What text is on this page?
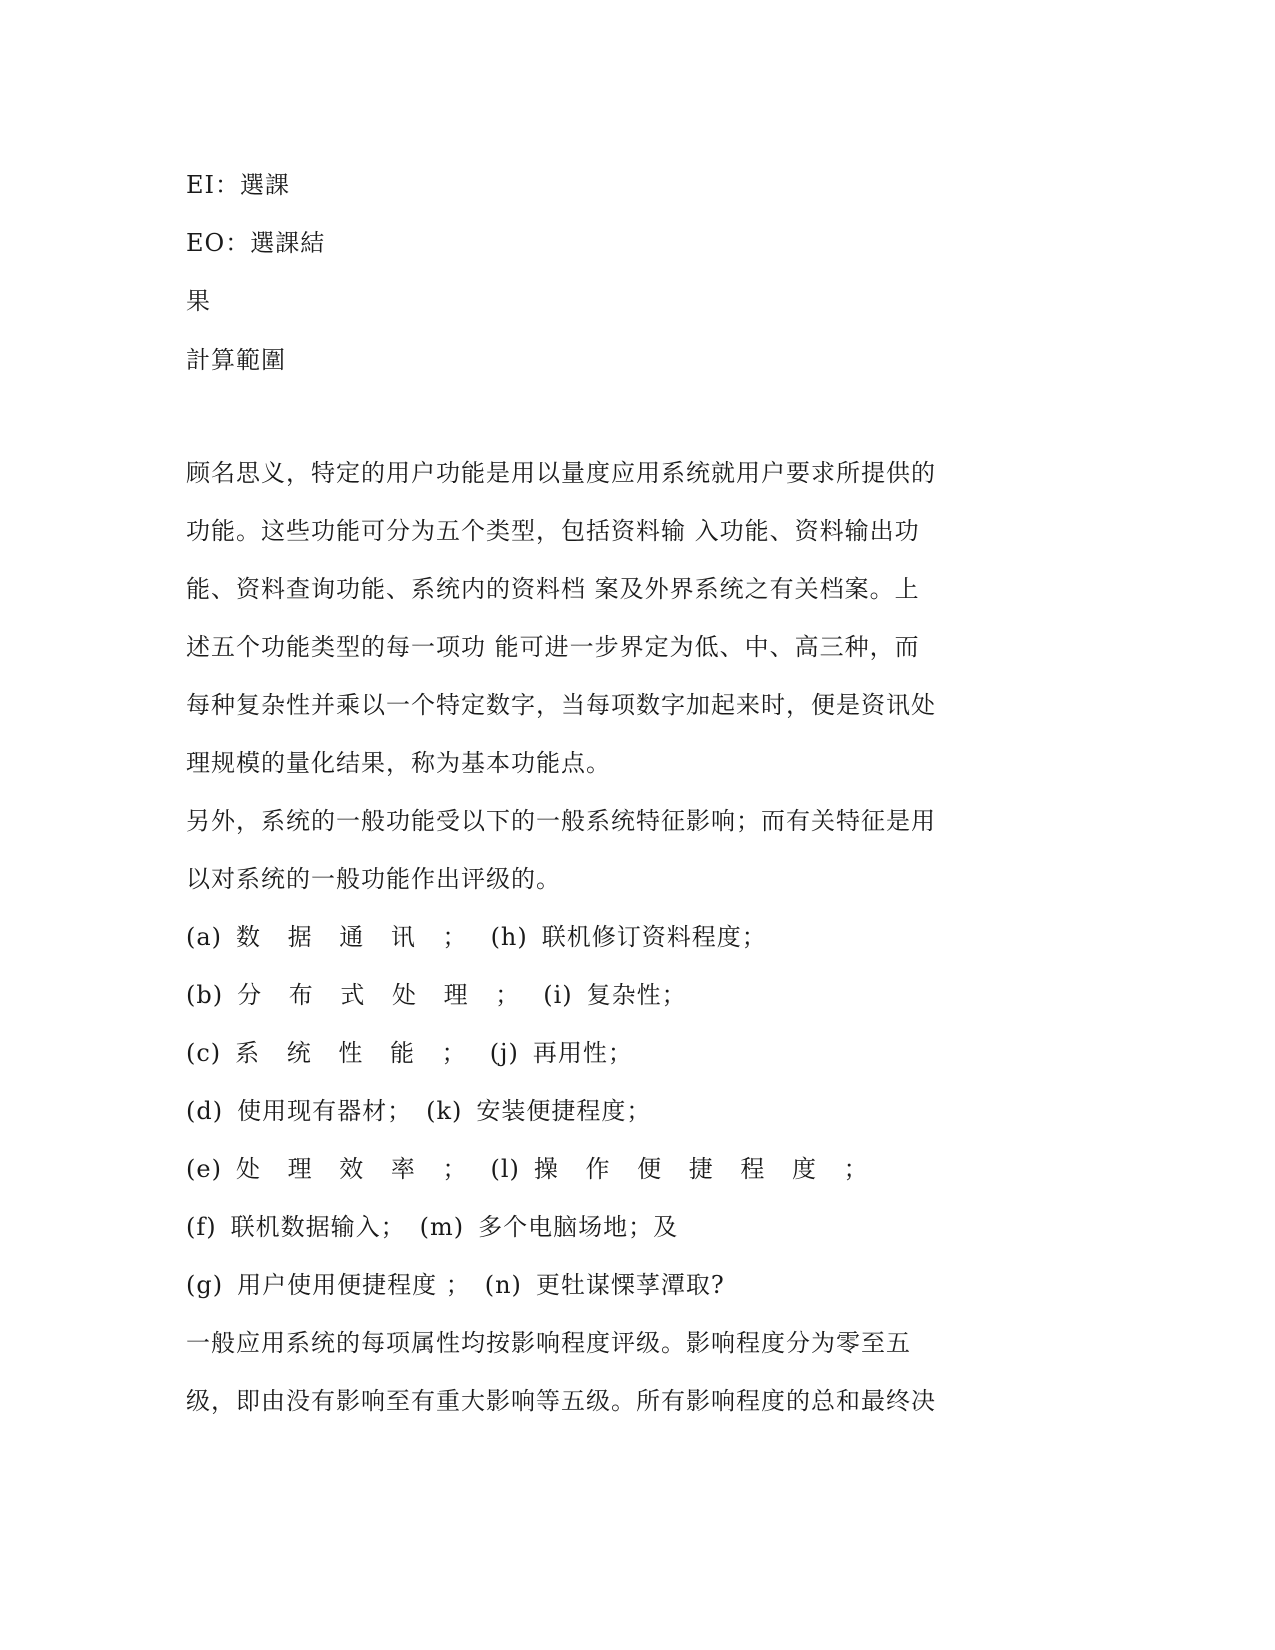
EI：選課
EO：選課結
果
計算範圍
顾名思义，特定的用户功能是用以量度应用系统就用户要求所提供的
功能。这些功能可分为五个类型，包括资料输 入功能、资料输出功
能、资料查询功能、系统内的资料档 案及外界系统之有关档案。上
述五个功能类型的每一项功 能可进一步界定为低、中、高三种，而
每种复杂性并乘以一个特定数字，当每项数字加起来时，便是资讯处
理规模的量化结果，称为基本功能点。
另外，系统的一般功能受以下的一般系统特征影响；而有关特征是用
以对系统的一般功能作出评级的。
(a) 数 据 通 讯 ； (h) 联机修订资料程度；
(b) 分 布 式 处 理 ； (i) 复杂性；
(c) 系 统 性 能 ； (j) 再用性；
(d) 使用现有器材； (k) 安装便捷程度；
(e) 处 理 效 率 ； (l) 操 作 便 捷 程 度 ；
(f) 联机数据输入； (m) 多个电脑场地；及
(g) 用户使用便捷程度 ； (n) 更牡谋慄莩潭取?
一般应用系统的每项属性均按影响程度评级。影响程度分为零至五
级，即由没有影响至有重大影响等五级。所有影响程度的总和最终决
